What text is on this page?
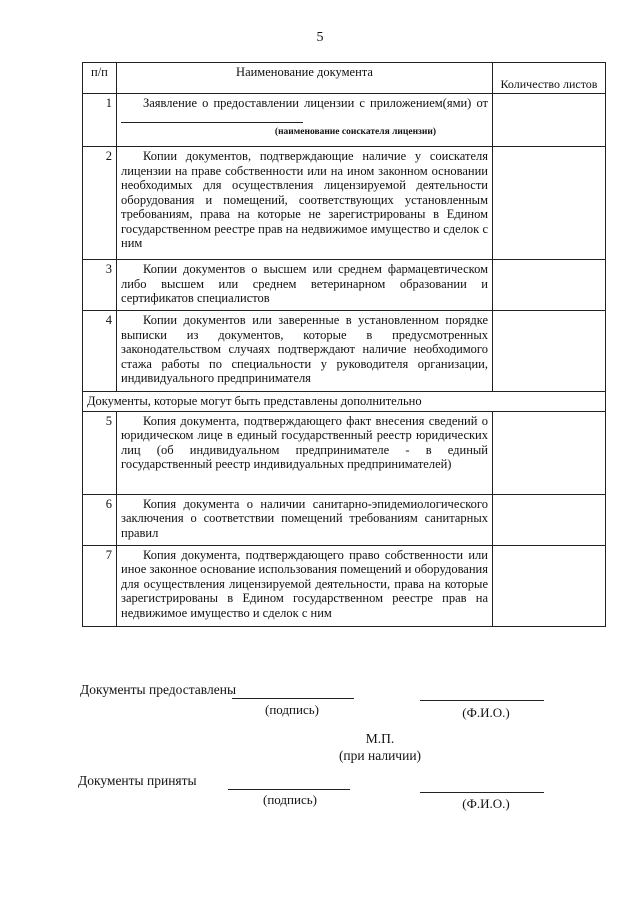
5
п/п	Наименование документа	Количество листов
1	Заявление о предоставлении лицензии с приложением(ями) от
(наименование соискателя лицензии)	

2	Копии документов, подтверждающие наличие у соискателя лицензии на праве собственности или на ином законном основании необходимых для осуществления лицензируемой деятельности оборудования и помещений, соответствующих установленным требованиям, права на которые не зарегистрированы в Едином государственном реестре прав на недвижимое имущество и сделок с ним	
3	Копии документов о высшем или среднем фармацевтическом либо высшем или среднем ветеринарном образовании и сертификатов специалистов	
4	Копии документов или заверенные в установленном порядке выписки из документов, которые в предусмотренных законодательством случаях подтверждают наличие необходимого стажа работы по специальности у руководителя организации, индивидуального предпринимателя	
Документы, которые могут быть представлены дополнительно		
5	Копия документа, подтверждающего факт внесения сведений о юридическом лице в единый государственный реестр юридических лиц (об индивидуальном предпринимателе - в единый государственный реестр индивидуальных предпринимателей)	
6	Копия документа о наличии санитарно-эпидемиологического заключения о соответствии помещений требованиям санитарных правил	
7	Копия документа, подтверждающего право собственности или иное законное основание использования помещений и оборудования для осуществления лицензируемой деятельности, права на которые зарегистрированы в Едином государственном реестре прав на недвижимое имущество и сделок с ним	
Документы предоставлены
(подпись)	(Ф.И.О.)
М.П.
(при наличии)
Документы приняты
(подпись)	(Ф.И.О.)
